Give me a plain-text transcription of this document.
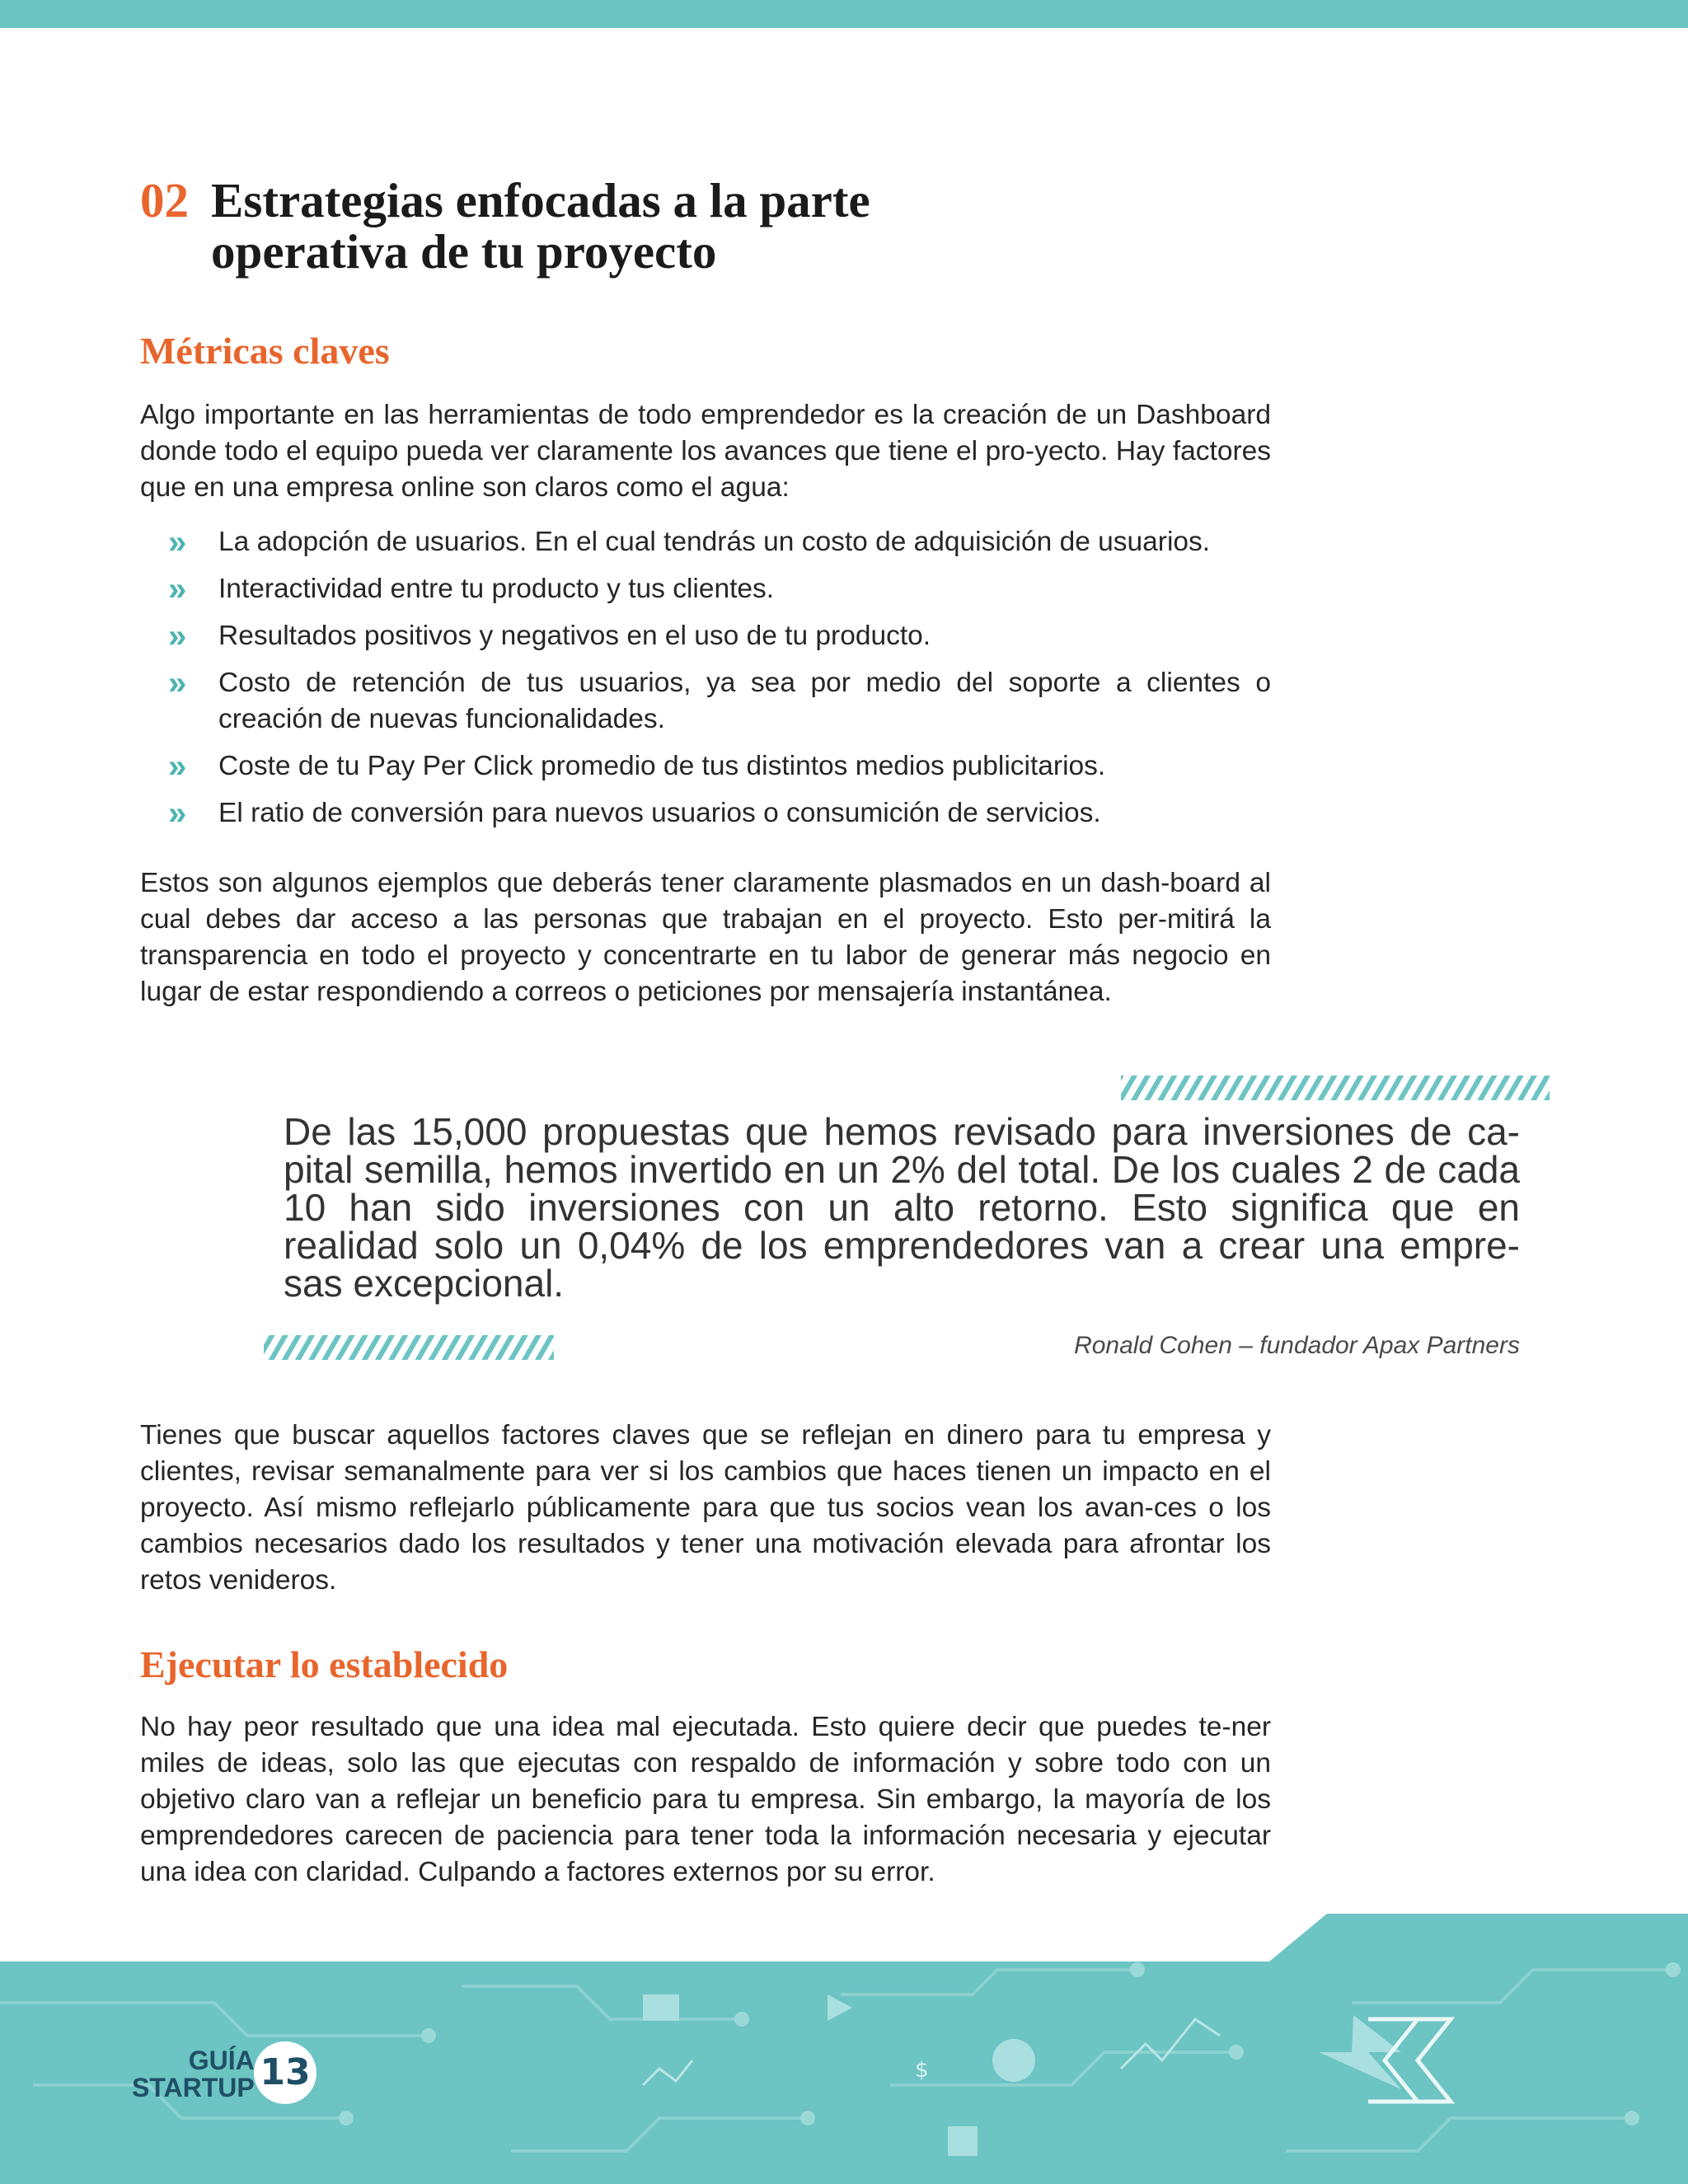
02 Estrategias enfocadas a la parte
operativa de tu proyecto
Métricas claves

Algo importante en las herramientas de todo emprendedor es la creación de un Dashboard donde todo el equipo pueda ver claramente los avances que tiene el pro-yecto. Hay factores que en una empresa online son claros como el agua:

» La adopción de usuarios. En el cual tendrás un costo de adquisición de usuarios.
» Interactividad entre tu producto y tus clientes.
» Resultados positivos y negativos en el uso de tu producto.
» Costo de retención de tus usuarios, ya sea por medio del soporte a clientes o creación de nuevas funcionalidades.
» Coste de tu Pay Per Click promedio de tus distintos medios publicitarios.
» El ratio de conversión para nuevos usuarios o consumición de servicios.

Estos son algunos ejemplos que deberás tener claramente plasmados en un dash-board al cual debes dar acceso a las personas que trabajan en el proyecto. Esto per-mitirá la transparencia en todo el proyecto y concentrarte en tu labor de generar más negocio en lugar de estar respondiendo a correos o peticiones por mensajería instantánea.

De las 15,000 propuestas que hemos revisado para inversiones de ca-pital semilla, hemos invertido en un 2% del total. De los cuales 2 de cada 10 han sido inversiones con un alto retorno. Esto significa que en realidad solo un 0,04% de los emprendedores van a crear una empre-sas excepcional.

Ronald Cohen – fundador Apax Partners

Tienes que buscar aquellos factores claves que se reflejan en dinero para tu empresa y clientes, revisar semanalmente para ver si los cambios que haces tienen un impacto en el proyecto. Así mismo reflejarlo públicamente para que tus socios vean los avan-ces o los cambios necesarios dado los resultados y tener una motivación elevada para afrontar los retos venideros.

Ejecutar lo establecido

No hay peor resultado que una idea mal ejecutada. Esto quiere decir que puedes te-ner miles de ideas, solo las que ejecutas con respaldo de información y sobre todo con un objetivo claro van a reflejar un beneficio para tu empresa. Sin embargo, la mayoría de los emprendedores carecen de paciencia para tener toda la información necesaria y ejecutar una idea con claridad. Culpando a factores externos por su error.

$
GUÍA
STARTUP 13
